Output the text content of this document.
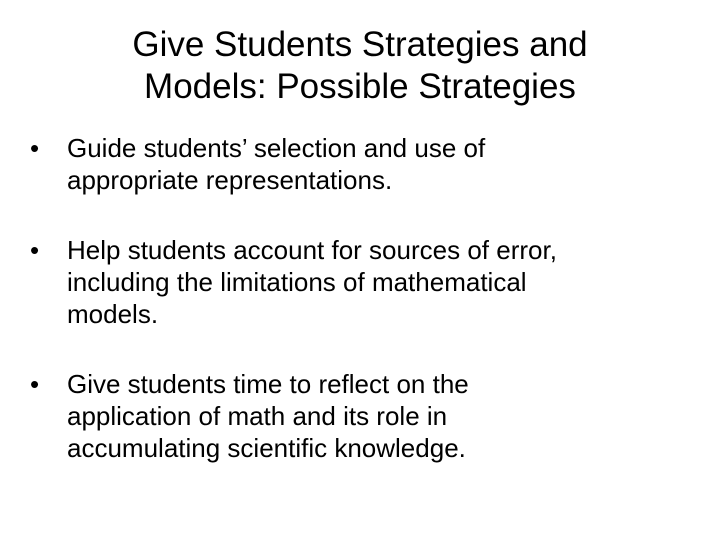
Give Students Strategies and
Models: Possible Strategies
•	Guide students’ selection and use of
appropriate representations.
•	Help students account for sources of error,
including the limitations of mathematical
models.
•	Give students time to reflect on the
application of math and its role in
accumulating scientific knowledge.
